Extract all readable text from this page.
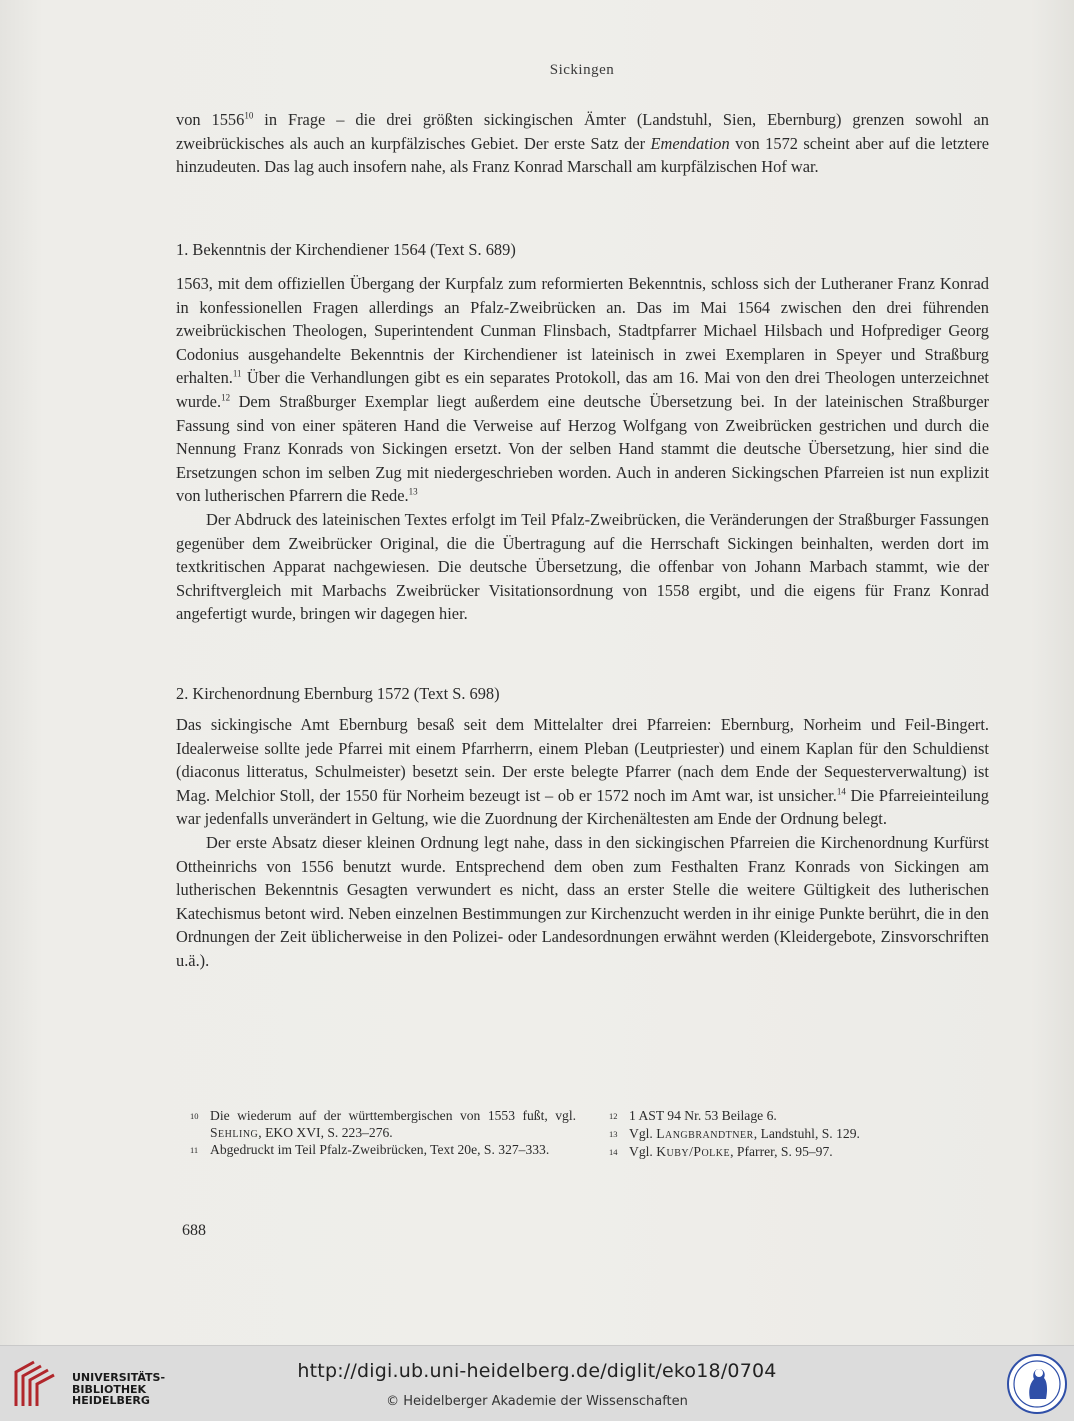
Sickingen

von 1556$^{10}$ in Frage – die drei größten sickingischen Ämter (Landstuhl, Sien, Ebernburg) grenzen sowohl an zweibrückisches als auch an kurpfälzisches Gebiet. Der erste Satz der Emendation von 1572 scheint aber auf die letztere hinzudeuten. Das lag auch insofern nahe, als Franz Konrad Marschall am kurpfälzischen Hof war.

1. Bekenntnis der Kirchendiener 1564 (Text S. 689)

1563, mit dem offiziellen Übergang der Kurpfalz zum reformierten Bekenntnis, schloss sich der Lutheraner Franz Konrad in konfessionellen Fragen allerdings an Pfalz-Zweibrücken an. Das im Mai 1564 zwischen den drei führenden zweibrückischen Theologen, Superintendent Cunman Flinsbach, Stadtpfarrer Michael Hilsbach und Hofprediger Georg Codonius ausgehandelte Bekenntnis der Kirchendiener ist lateinisch in zwei Exemplaren in Speyer und Straßburg erhalten.$^{11}$ Über die Verhandlungen gibt es ein separates Protokoll, das am 16. Mai von den drei Theologen unterzeichnet wurde.$^{12}$ Dem Straßburger Exemplar liegt außerdem eine deutsche Übersetzung bei. In der lateinischen Straßburger Fassung sind von einer späteren Hand die Verweise auf Herzog Wolfgang von Zweibrücken gestrichen und durch die Nennung Franz Konrads von Sickingen ersetzt. Von der selben Hand stammt die deutsche Übersetzung, hier sind die Ersetzungen schon im selben Zug mit niedergeschrieben worden. Auch in anderen Sickingschen Pfarreien ist nun explizit von lutherischen Pfarrern die Rede.$^{13}$

Der Abdruck des lateinischen Textes erfolgt im Teil Pfalz-Zweibrücken, die Veränderungen der Straßburger Fassungen gegenüber dem Zweibrücker Original, die die Übertragung auf die Herrschaft Sickingen beinhalten, werden dort im textkritischen Apparat nachgewiesen. Die deutsche Übersetzung, die offenbar von Johann Marbach stammt, wie der Schriftvergleich mit Marbachs Zweibrücker Visitationsordnung von 1558 ergibt, und die eigens für Franz Konrad angefertigt wurde, bringen wir dagegen hier.

2. Kirchenordnung Ebernburg 1572 (Text S. 698)

Das sickingische Amt Ebernburg besaß seit dem Mittelalter drei Pfarreien: Ebernburg, Norheim und Feil-Bingert. Idealerweise sollte jede Pfarrei mit einem Pfarrherrn, einem Pleban (Leutpriester) und einem Kaplan für den Schuldienst (diaconus litteratus, Schulmeister) besetzt sein. Der erste belegte Pfarrer (nach dem Ende der Sequesterverwaltung) ist Mag. Melchior Stoll, der 1550 für Norheim bezeugt ist – ob er 1572 noch im Amt war, ist unsicher.$^{14}$ Die Pfarreieinteilung war jedenfalls unverändert in Geltung, wie die Zuordnung der Kirchenältesten am Ende der Ordnung belegt.

Der erste Absatz dieser kleinen Ordnung legt nahe, dass in den sickingischen Pfarreien die Kirchenordnung Kurfürst Ottheinrichs von 1556 benutzt wurde. Entsprechend dem oben zum Festhalten Franz Konrads von Sickingen am lutherischen Bekenntnis Gesagten verwundert es nicht, dass an erster Stelle die weitere Gültigkeit des lutherischen Katechismus betont wird. Neben einzelnen Bestimmungen zur Kirchenzucht werden in ihr einige Punkte berührt, die in den Ordnungen der Zeit üblicherweise in den Polizei- oder Landesordnungen erwähnt werden (Kleidergebote, Zinsvorschriften u.ä.).

10 Die wiederum auf der württembergischen von 1553 fußt, vgl. Sehling, EKO XVI, S. 223–276.
11 Abgedruckt im Teil Pfalz-Zweibrücken, Text 20e, S. 327–333.
12 1 AST 94 Nr. 53 Beilage 6.
13 Vgl. Langbrandtner, Landstuhl, S. 129.
14 Vgl. Kuby/Polke, Pfarrer, S. 95–97.
688
UNIVERSITÄTS-
BIBLIOTHEK
HEIDELBERG
http://digi.ub.uni-heidelberg.de/diglit/eko18/0704
© Heidelberger Akademie der Wissenschaften
